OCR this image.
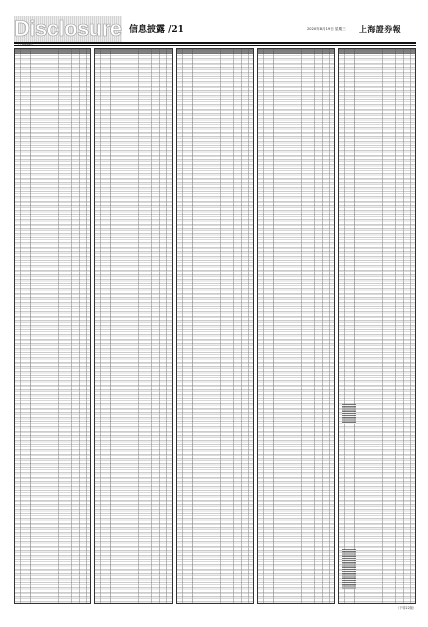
Disclosure 信息披露 /21	2020年8月19日 星期三 上海證券報
（上接20版）
（下转22版）
